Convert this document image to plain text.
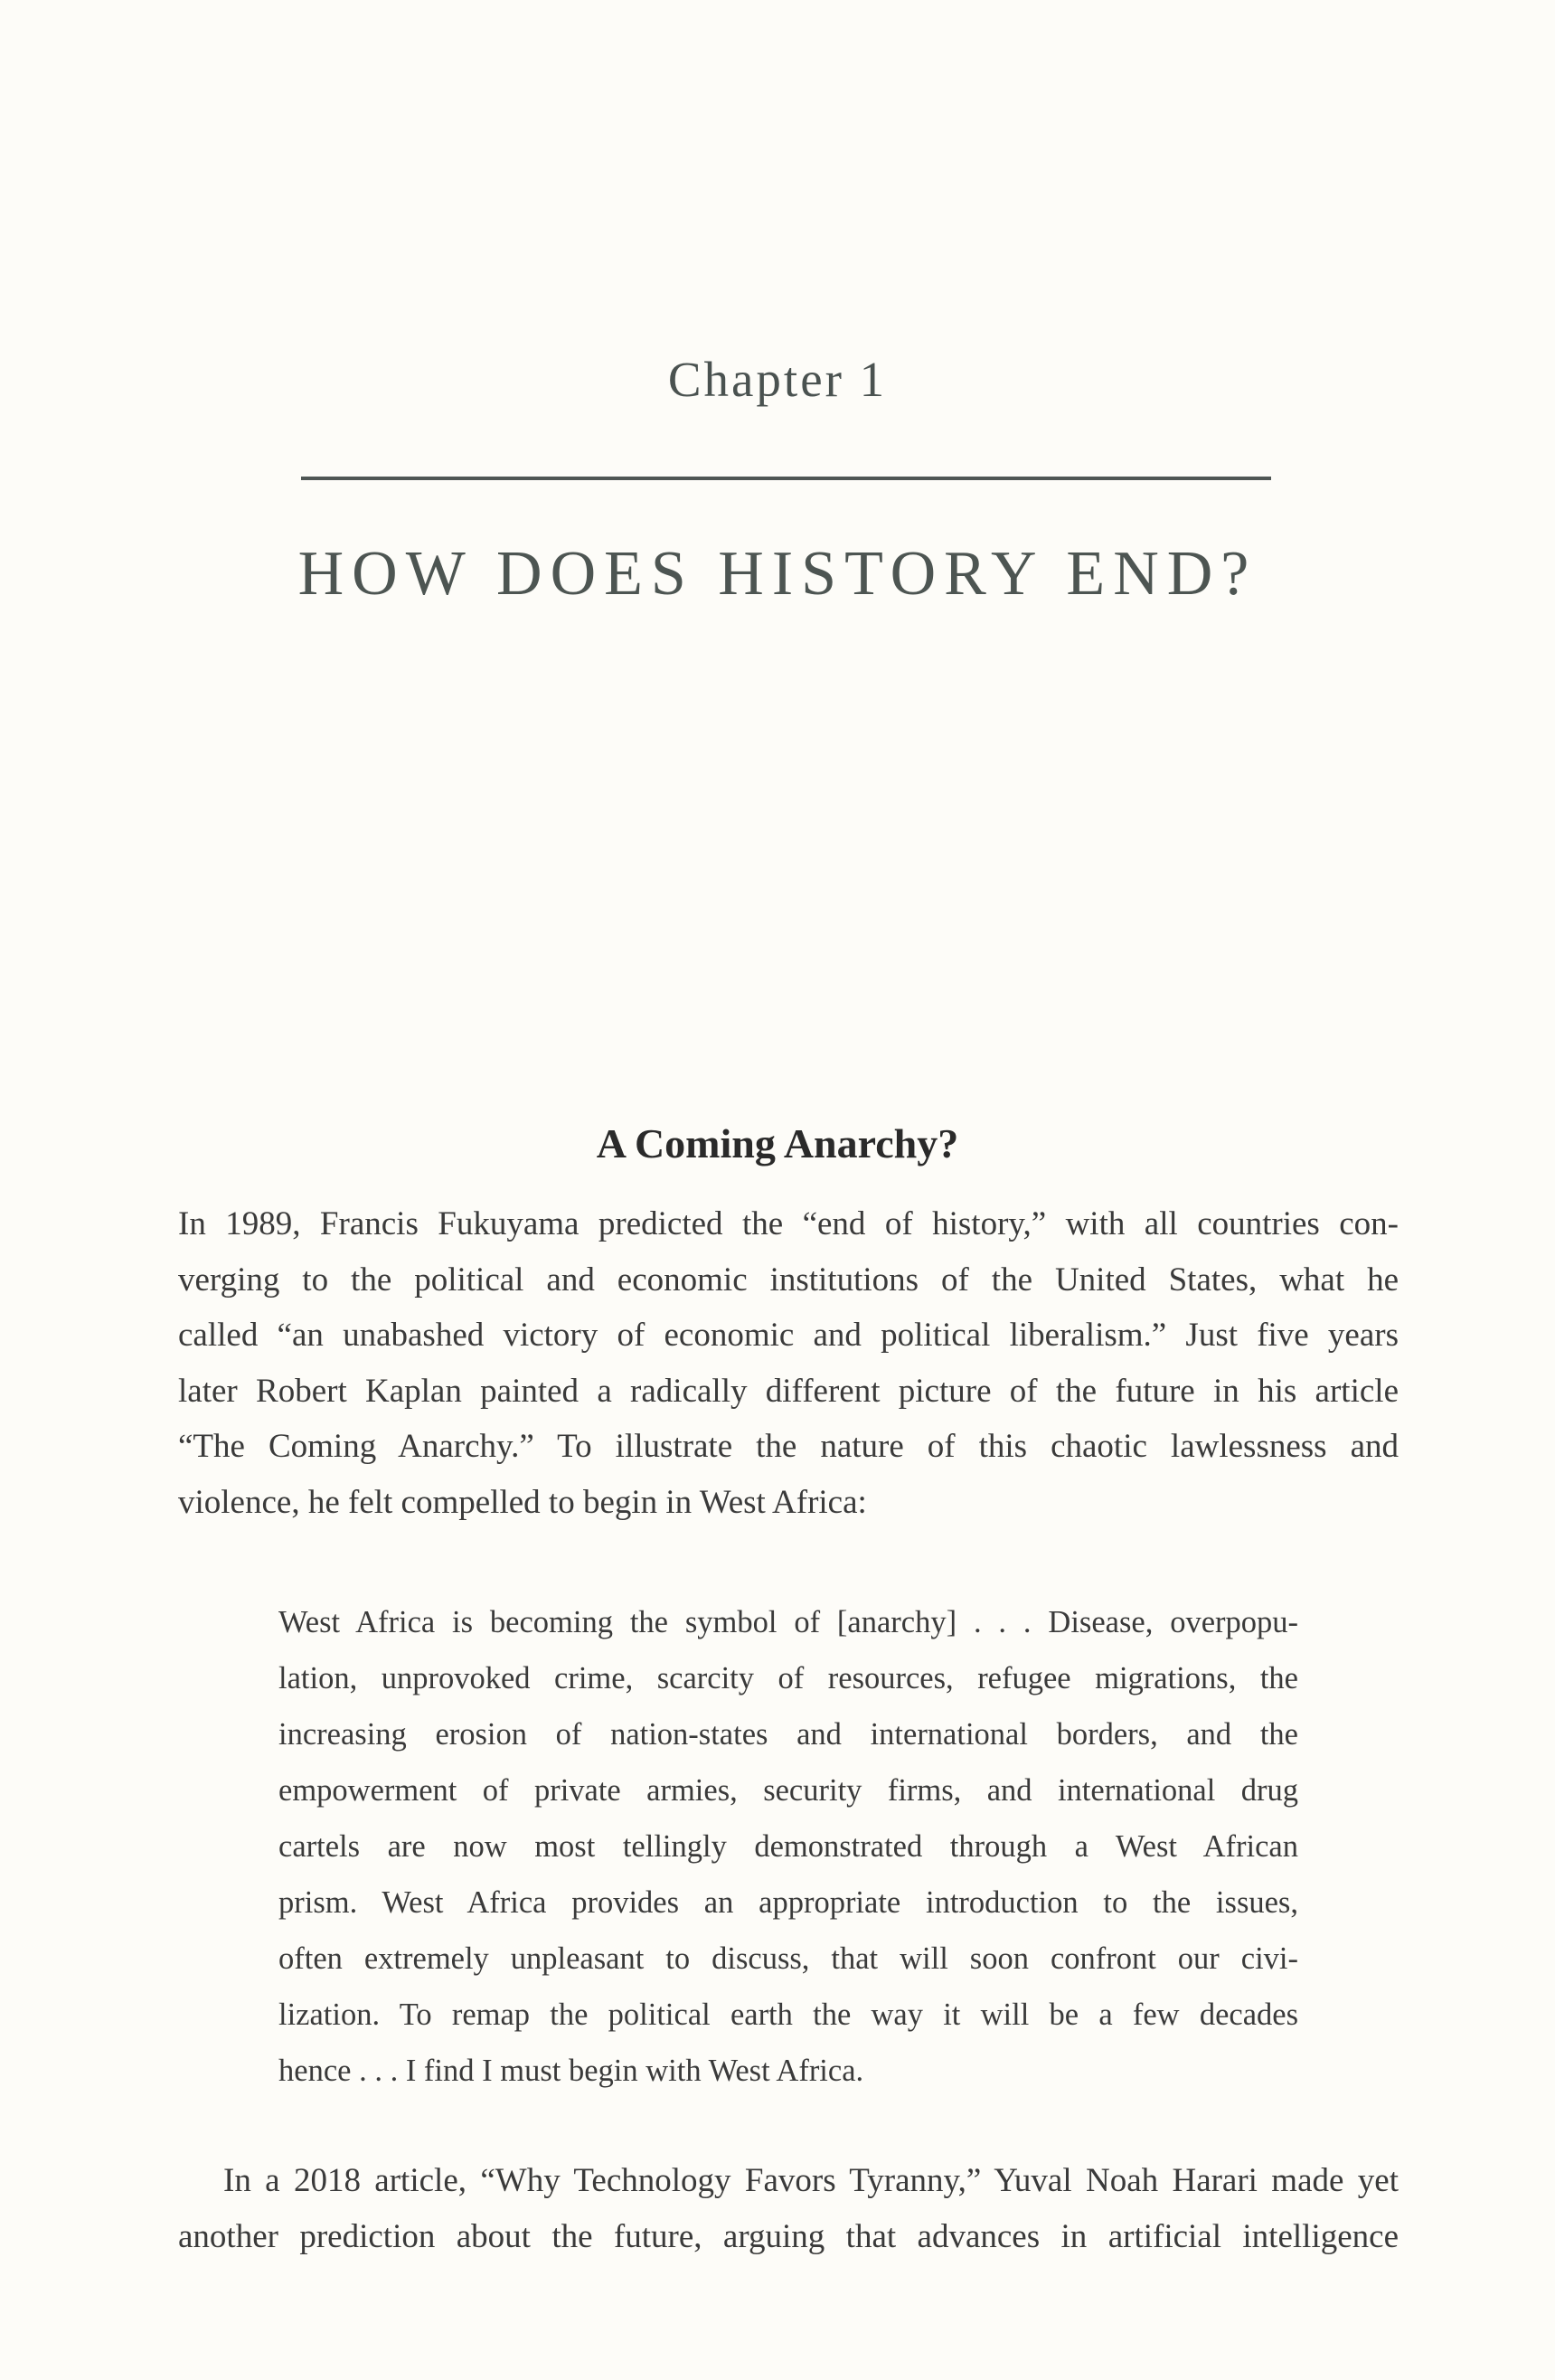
Chapter 1
HOW DOES HISTORY END?
A Coming Anarchy?
In 1989, Francis Fukuyama predicted the “end of history,” with all countries con-
verging to the political and economic institutions of the United States, what he
called “an unabashed victory of economic and political liberalism.” Just five years
later Robert Kaplan painted a radically different picture of the future in his article
“The Coming Anarchy.” To illustrate the nature of this chaotic lawlessness and
violence, he felt compelled to begin in West Africa:
West Africa is becoming the symbol of [anarchy] . . . Disease, overpopu-
lation, unprovoked crime, scarcity of resources, refugee migrations, the
increasing erosion of nation-states and international borders, and the
empowerment of private armies, security firms, and international drug
cartels are now most tellingly demonstrated through a West African
prism. West Africa provides an appropriate introduction to the issues,
often extremely unpleasant to discuss, that will soon confront our civi-
lization. To remap the political earth the way it will be a few decades
hence . . . I find I must begin with West Africa.
In a 2018 article, “Why Technology Favors Tyranny,” Yuval Noah Harari made yet
another prediction about the future, arguing that advances in artificial intelligence
